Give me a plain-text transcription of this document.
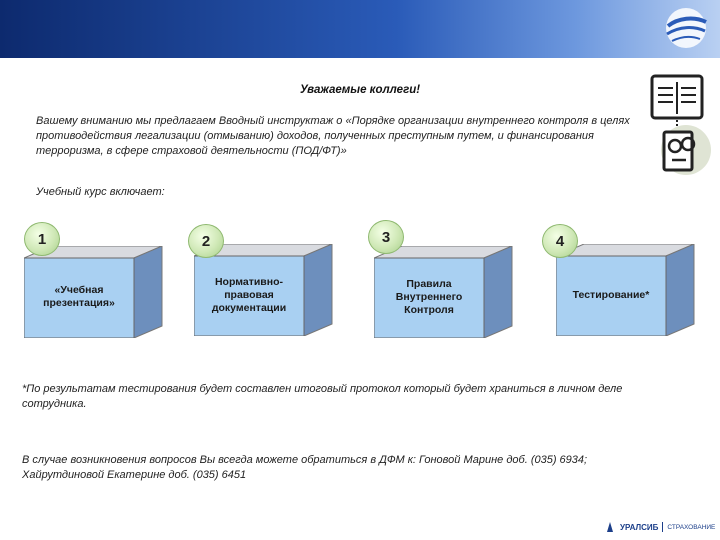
Уважаемые коллеги!
Вашему вниманию мы предлагаем Вводный инструктаж о «Порядке организации внутреннего контроля в целях противодействия легализации (отмыванию) доходов, полученных преступным путем, и финансирования терроризма, в сфере страховой деятельности (ПОД/ФТ)»
Учебный курс включает:
«Учебная презентация»
1
Нормативно-правовая документации
2
Правила Внутреннего Контроля
3
Тестирование*
4
*По результатам тестирования будет составлен итоговый протокол который будет храниться в личном деле сотрудника.
В случае возникновения вопросов Вы всегда можете обратиться в ДФМ к: Гоновой Марине доб. (035) 6934; Хайрутдиновой Екатерине доб. (035) 6451
УРАЛСИБ СТРАХОВАНИЕ
